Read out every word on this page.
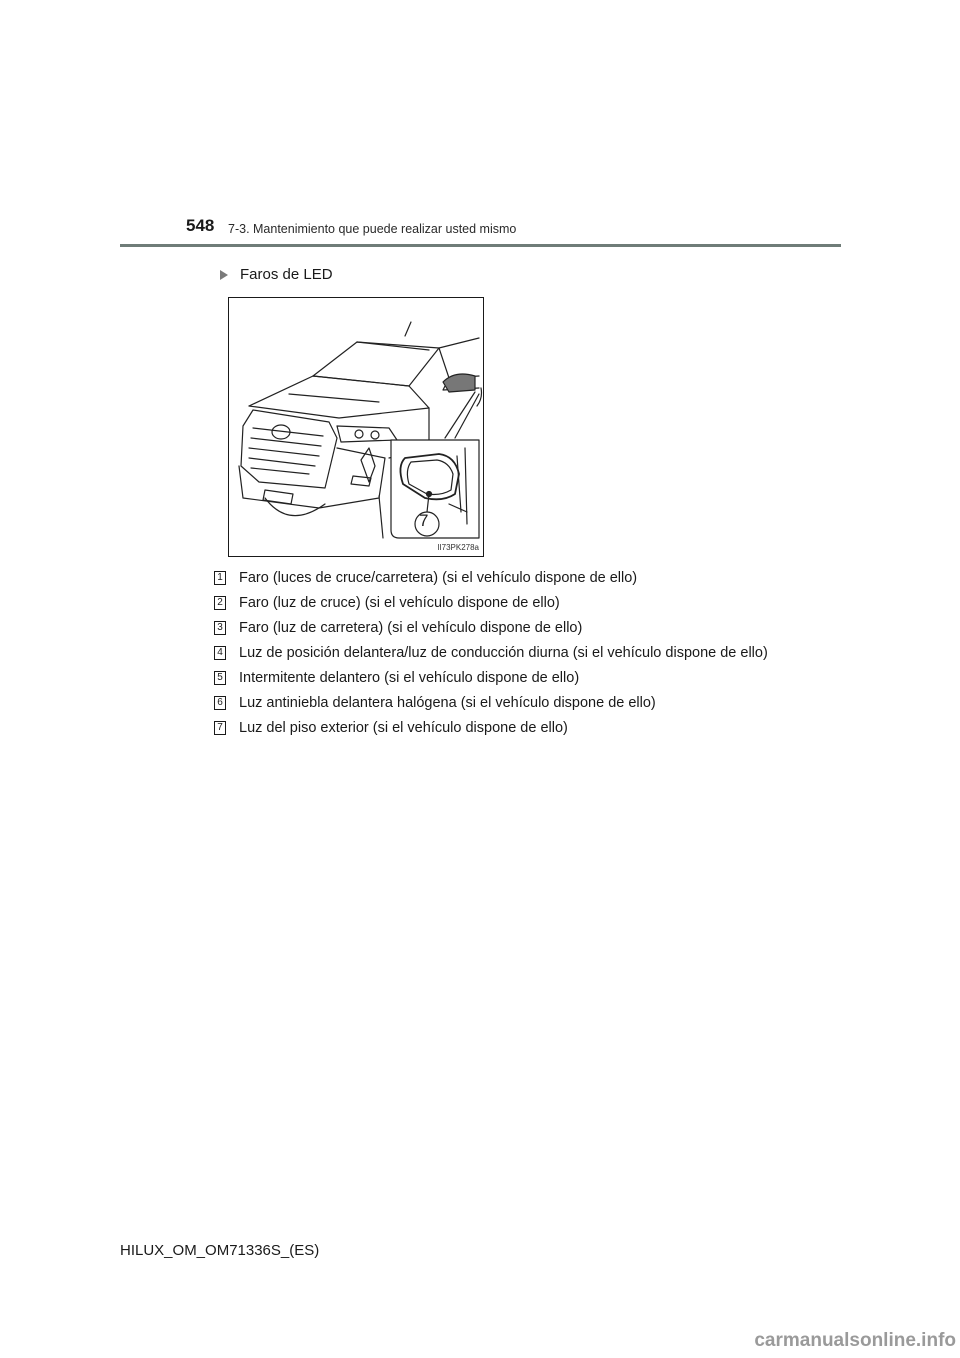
548 7-3. Mantenimiento que puede realizar usted mismo
Faros de LED
7
II73PK278a
1 Faro (luces de cruce/carretera) (si el vehículo dispone de ello)
2 Faro (luz de cruce) (si el vehículo dispone de ello)
3 Faro (luz de carretera) (si el vehículo dispone de ello)
4 Luz de posición delantera/luz de conducción diurna (si el vehículo dispone de ello)
5 Intermitente delantero (si el vehículo dispone de ello)
6 Luz antiniebla delantera halógena (si el vehículo dispone de ello)
7 Luz del piso exterior (si el vehículo dispone de ello)
HILUX_OM_OM71336S_(ES)
carmanualsonline.info
